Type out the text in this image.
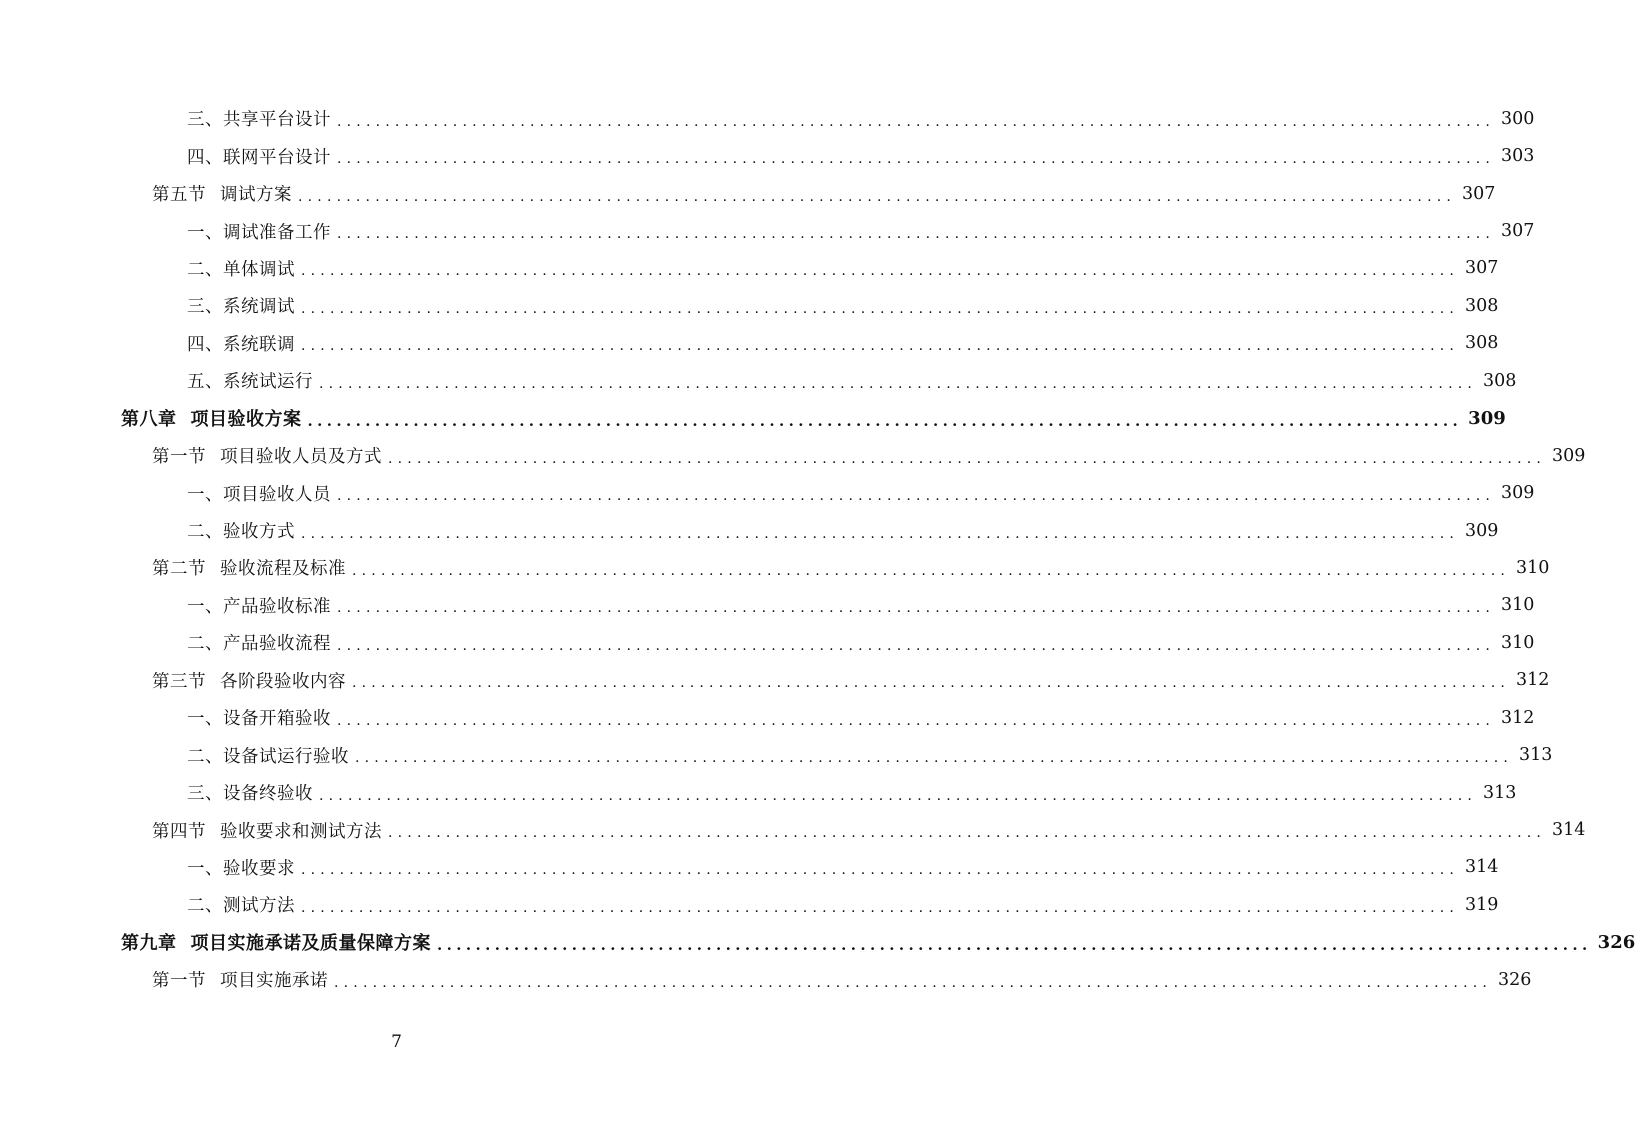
三、共享平台设计 ........................................................................................................................ 300
四、联网平台设计 ........................................................................................................................ 303
第五节 调试方案 ........................................................................................................................ 307
一、调试准备工作 ........................................................................................................................ 307
二、单体调试 ........................................................................................................................ 307
三、系统调试 ........................................................................................................................ 308
四、系统联调 ........................................................................................................................ 308
五、系统试运行 ........................................................................................................................ 308
第八章 项目验收方案 ........................................................................................................................ 309
第一节 项目验收人员及方式 ........................................................................................................................ 309
一、项目验收人员 ........................................................................................................................ 309
二、验收方式 ........................................................................................................................ 309
第二节 验收流程及标准 ........................................................................................................................ 310
一、产品验收标准 ........................................................................................................................ 310
二、产品验收流程 ........................................................................................................................ 310
第三节 各阶段验收内容 ........................................................................................................................ 312
一、设备开箱验收 ........................................................................................................................ 312
二、设备试运行验收 ........................................................................................................................ 313
三、设备终验收 ........................................................................................................................ 313
第四节 验收要求和测试方法 ........................................................................................................................ 314
一、验收要求 ........................................................................................................................ 314
二、测试方法 ........................................................................................................................ 319
第九章 项目实施承诺及质量保障方案 ........................................................................................................................ 326
第一节 项目实施承诺 ........................................................................................................................ 326
7
